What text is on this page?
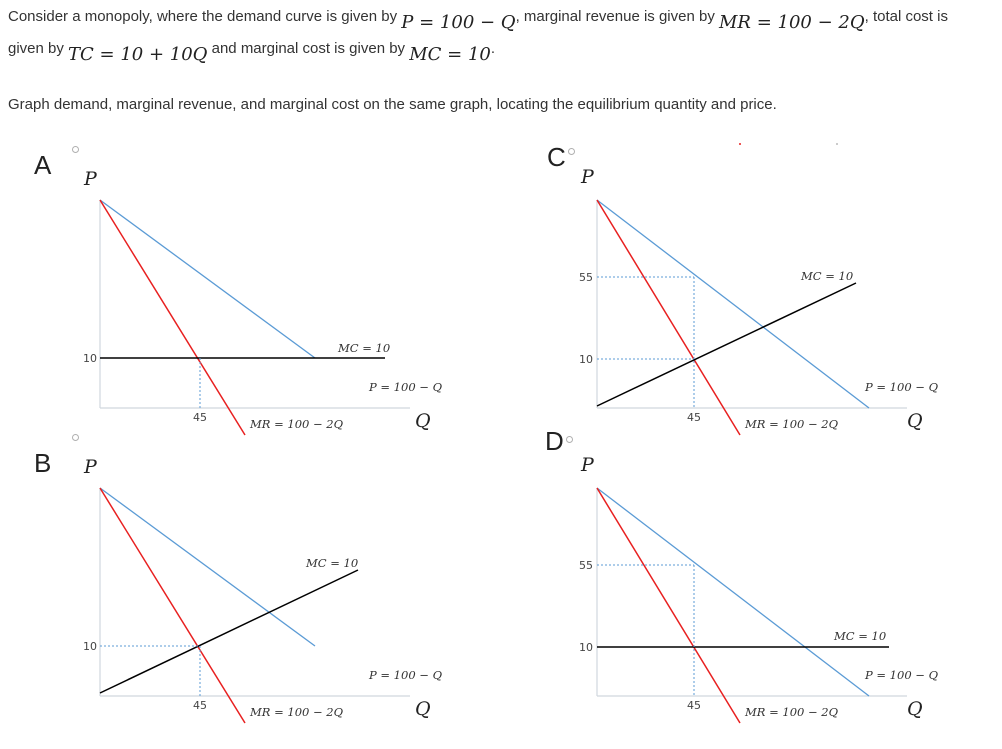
Consider a monopoly, where the demand curve is given by P = 100 − Q, marginal revenue is given by MR = 100 − 2Q, total cost is
given by TC = 10 + 10Q and marginal cost is given by MC = 10.
Graph demand, marginal revenue, and marginal cost on the same graph, locating the equilibrium quantity and price.
A P
Q
10
45
MC = 10
P = 100 − Q
MR = 100 − 2Q
B P
Q
10
45
MC = 10
P = 100 − Q
MR = 100 − 2Q
C
P
Q
55
10
45
MC = 10
P = 100 − Q
MR = 100 − 2Q
D
P
Q
55
10
45
MC = 10
P = 100 − Q
MR = 100 − 2Q
